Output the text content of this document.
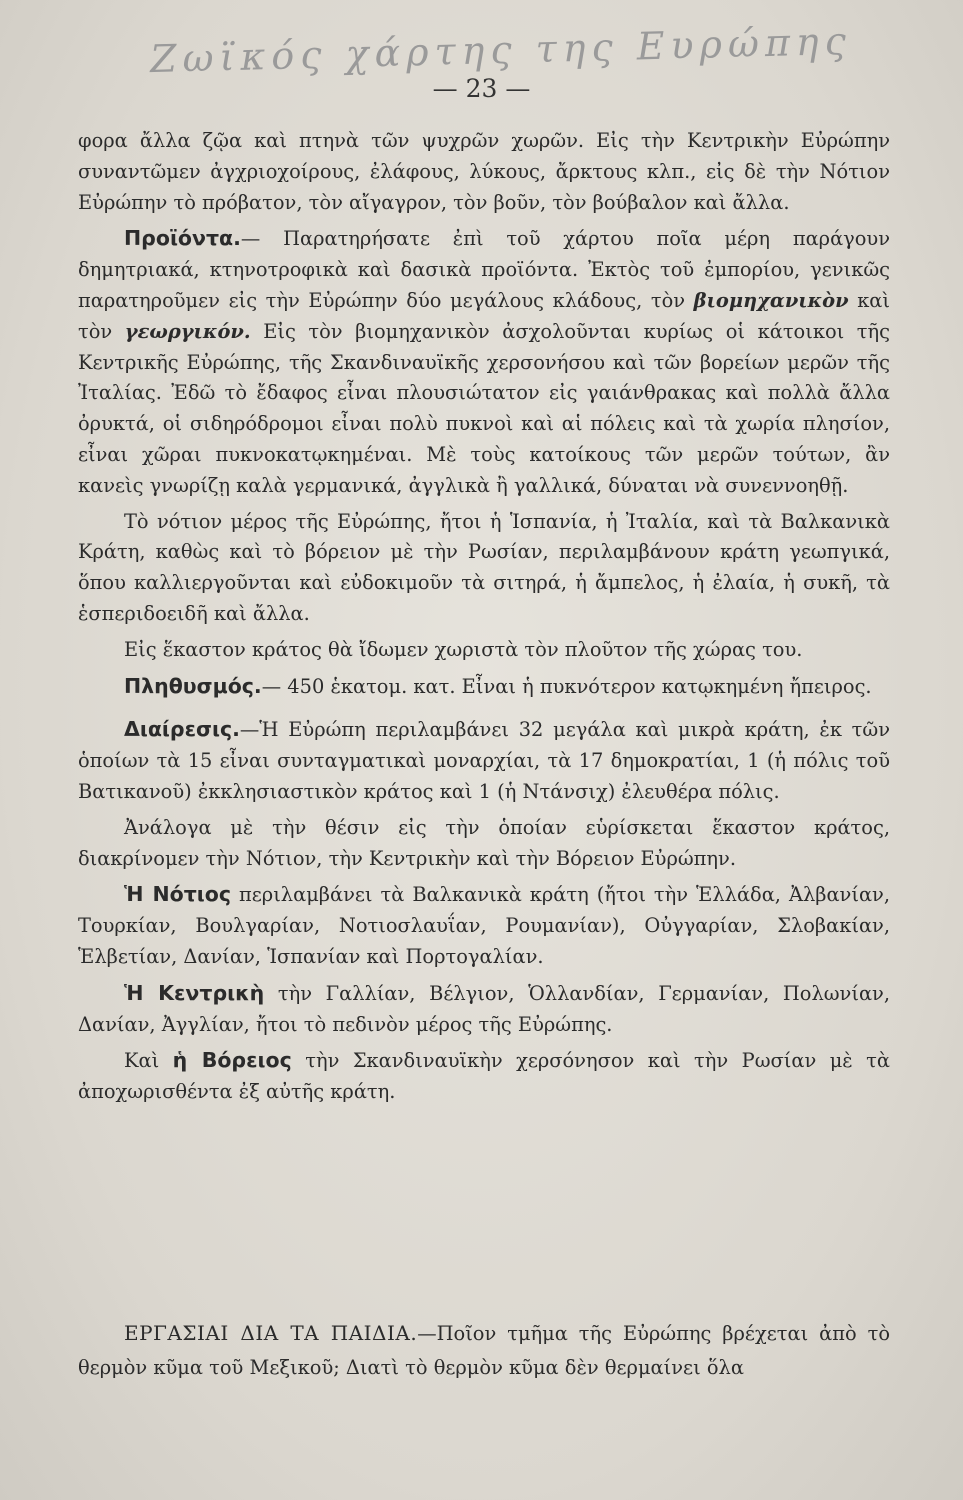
Ζωϊκός χάρτης της Ευρώπης
— 23 —

φορα ἄλλα ζῷα καὶ πτηνὰ τῶν ψυχρῶν χωρῶν. Εἰς τὴν Κεντρικὴν Εὐρώπην συναντῶμεν ἀγχριοχοίρους, ἐλάφους, λύκους, ἄρκτους κλπ., εἰς δὲ τὴν Νότιον Εὐρώπην τὸ πρόβατον, τὸν αἴγαγρον, τὸν βοῦν, τὸν βούβαλον καὶ ἄλλα.

Προϊόντα.— Παρατηρήσατε ἐπὶ τοῦ χάρτου ποῖα μέρη παράγουν δημητριακά, κτηνοτροφικὰ καὶ δασικὰ προϊόντα. Ἐκτὸς τοῦ ἐμπορίου, γενικῶς παρατηροῦμεν εἰς τὴν Εὐρώπην δύο μεγάλους κλάδους, τὸν βιομηχανικὸν καὶ τὸν γεωργικόν. Εἰς τὸν βιομηχανικὸν ἀσχολοῦνται κυρίως οἱ κάτοικοι τῆς Κεντρικῆς Εὐρώπης, τῆς Σκανδιναυϊκῆς χερσονήσου καὶ τῶν βορείων μερῶν τῆς Ἰταλίας. Ἐδῶ τὸ ἔδαφος εἶναι πλουσιώτατον εἰς γαιάνθρακας καὶ πολλὰ ἄλλα ὀρυκτά, οἱ σιδηρόδρομοι εἶναι πολὺ πυκνοὶ καὶ αἱ πόλεις καὶ τὰ χωρία πλησίον, εἶναι χῶραι πυκνοκατῳκημέναι. Μὲ τοὺς κατοίκους τῶν μερῶν τούτων, ἂν κανεὶς γνωρίζῃ καλὰ γερμανικά, ἀγγλικὰ ἢ γαλλικά, δύναται νὰ συνεννοηθῇ.

Τὸ νότιον μέρος τῆς Εὐρώπης, ἤτοι ἡ Ἱσπανία, ἡ Ἰταλία, καὶ τὰ Βαλκανικὰ Κράτη, καθὼς καὶ τὸ βόρειον μὲ τὴν Ρωσίαν, περιλαμβάνουν κράτη γεωπγικά, ὅπου καλλιεργοῦνται καὶ εὐδοκιμοῦν τὰ σιτηρά, ἡ ἄμπελος, ἡ ἐλαία, ἡ συκῆ, τὰ ἑσπεριδοειδῆ καὶ ἄλλα.

Εἰς ἕκαστον κράτος θὰ ἴδωμεν χωριστὰ τὸν πλοῦτον τῆς χώρας του.

Πληθυσμός.— 450 ἑκατομ. κατ. Εἶναι ἡ πυκνότερον κατῳκημένη ἤπειρος.

Διαίρεσις.—Ἡ Εὐρώπη περιλαμβάνει 32 μεγάλα καὶ μικρὰ κράτη, ἐκ τῶν ὁποίων τὰ 15 εἶναι συνταγματικαὶ μοναρχίαι, τὰ 17 δημοκρατίαι, 1 (ἡ πόλις τοῦ Βατικανοῦ) ἐκκλησιαστικὸν κράτος καὶ 1 (ἡ Ντάνσιχ) ἐλευθέρα πόλις.

Ἀνάλογα μὲ τὴν θέσιν εἰς τὴν ὁποίαν εὑρίσκεται ἕκαστον κράτος, διακρίνομεν τὴν Νότιον, τὴν Κεντρικὴν καὶ τὴν Βόρειον Εὐρώπην.

Ἡ Νότιος περιλαμβάνει τὰ Βαλκανικὰ κράτη (ἤτοι τὴν Ἑλλάδα, Ἀλβανίαν, Τουρκίαν, Βουλγαρίαν, Νοτιοσλαυΐαν, Ρουμανίαν), Οὐγγαρίαν, Σλοβακίαν, Ἑλβετίαν, Δανίαν, Ἱσπανίαν καὶ Πορτογαλίαν.

Ἡ Κεντρικὴ τὴν Γαλλίαν, Βέλγιον, Ὁλλανδίαν, Γερμανίαν, Πολωνίαν, Δανίαν, Ἀγγλίαν, ἤτοι τὸ πεδινὸν μέρος τῆς Εὐρώπης.

Καὶ ἡ Βόρειος τὴν Σκανδιναυϊκὴν χερσόνησον καὶ τὴν Ρωσίαν μὲ τὰ ἀποχωρισθέντα ἐξ αὐτῆς κράτη.

ΕΡΓΑΣΙΑΙ ΔΙΑ ΤΑ ΠΑΙΔΙΑ.—Ποῖον τμῆμα τῆς Εὐρώπης βρέχεται ἀπὸ τὸ θερμὸν κῦμα τοῦ Μεξικοῦ; Διατὶ τὸ θερμὸν κῦμα δὲν θερμαίνει ὅλα
